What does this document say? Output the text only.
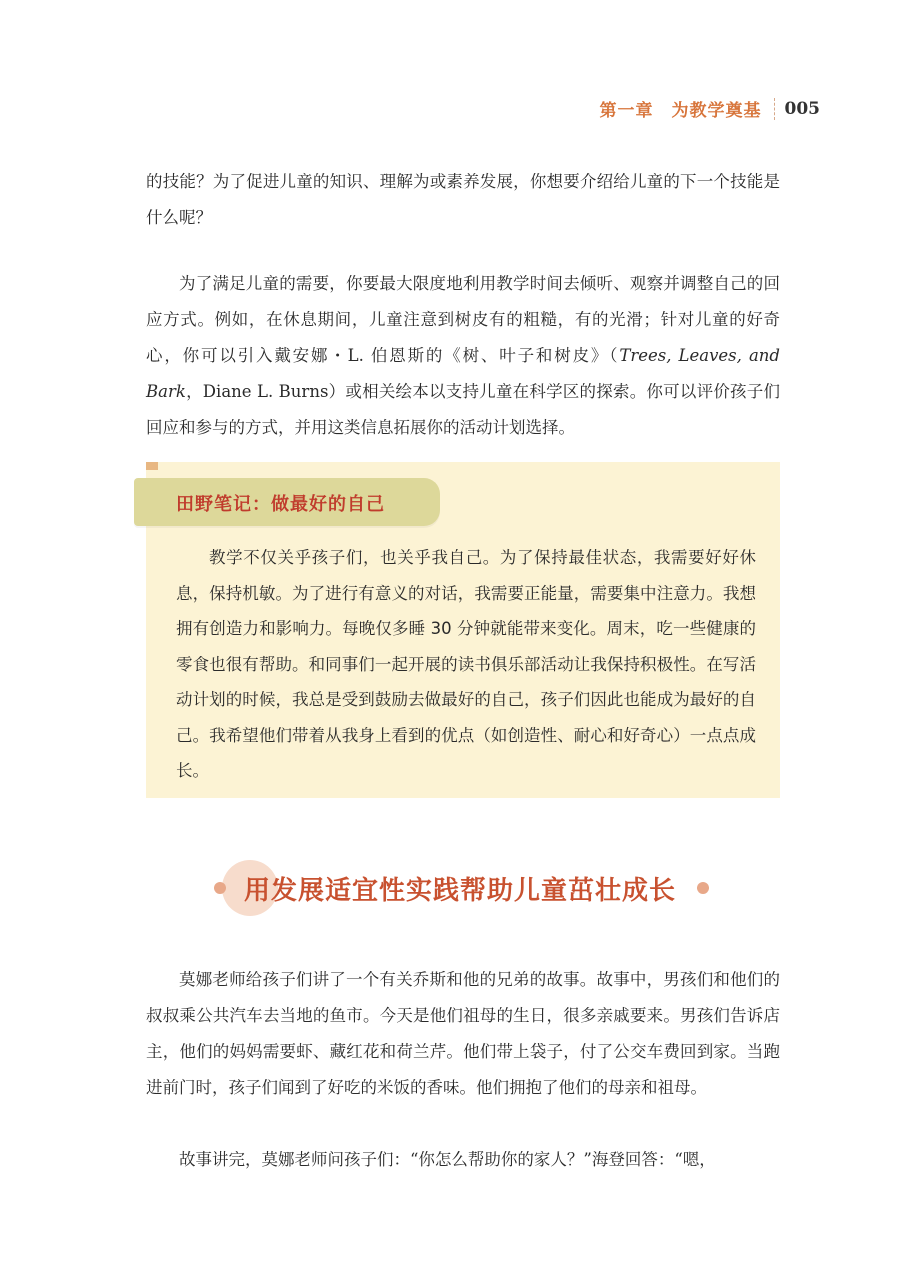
第一章　为教学奠基 005

的技能？为了促进儿童的知识、理解为或素养发展，你想要介绍给儿童的下一个技能是什么呢？

为了满足儿童的需要，你要最大限度地利用教学时间去倾听、观察并调整自己的回应方式。例如，在休息期间，儿童注意到树皮有的粗糙，有的光滑；针对儿童的好奇心，你可以引入戴安娜・L. 伯恩斯的《树、叶子和树皮》（Trees, Leaves, and Bark，Diane L. Burns）或相关绘本以支持儿童在科学区的探索。你可以评价孩子们回应和参与的方式，并用这类信息拓展你的活动计划选择。

田野笔记：做最好的自己

教学不仅关乎孩子们，也关乎我自己。为了保持最佳状态，我需要好好休息，保持机敏。为了进行有意义的对话，我需要正能量，需要集中注意力。我想拥有创造力和影响力。每晚仅多睡 30 分钟就能带来变化。周末，吃一些健康的零食也很有帮助。和同事们一起开展的读书俱乐部活动让我保持积极性。在写活动计划的时候，我总是受到鼓励去做最好的自己，孩子们因此也能成为最好的自己。我希望他们带着从我身上看到的优点（如创造性、耐心和好奇心）一点点成长。

用发展适宜性实践帮助儿童茁壮成长

莫娜老师给孩子们讲了一个有关乔斯和他的兄弟的故事。故事中，男孩们和他们的叔叔乘公共汽车去当地的鱼市。今天是他们祖母的生日，很多亲戚要来。男孩们告诉店主，他们的妈妈需要虾、藏红花和荷兰芹。他们带上袋子，付了公交车费回到家。当跑进前门时，孩子们闻到了好吃的米饭的香味。他们拥抱了他们的母亲和祖母。

故事讲完，莫娜老师问孩子们：“你怎么帮助你的家人？”海登回答：“嗯，
